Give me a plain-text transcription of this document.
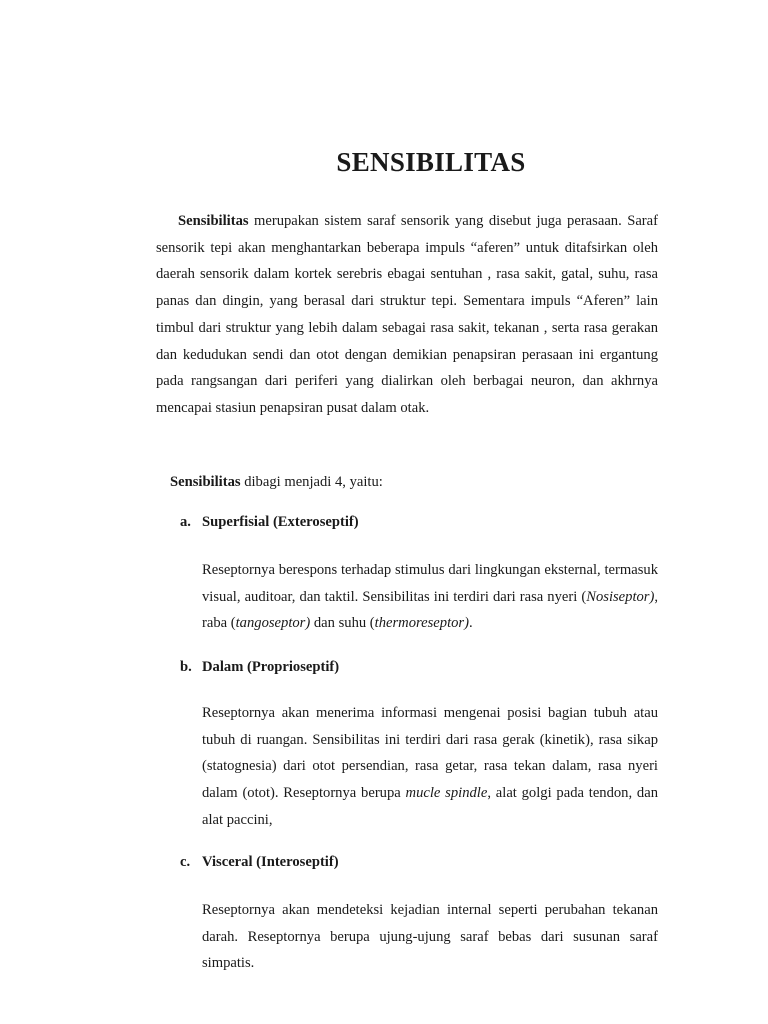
SENSIBILITAS

Sensibilitas merupakan sistem saraf sensorik yang disebut juga perasaan. Saraf sensorik tepi akan menghantarkan beberapa impuls “aferen” untuk ditafsirkan oleh daerah sensorik dalam kortek serebris ebagai sentuhan , rasa sakit, gatal, suhu, rasa panas dan dingin, yang berasal dari struktur tepi. Sementara impuls “Aferen” lain timbul dari struktur yang lebih dalam sebagai rasa sakit, tekanan , serta rasa gerakan dan kedudukan sendi dan otot dengan demikian penapsiran perasaan ini ergantung pada rangsangan dari periferi yang dialirkan oleh berbagai neuron, dan akhrnya mencapai stasiun penapsiran pusat dalam otak.

Sensibilitas dibagi menjadi 4, yaitu:

a. Superfisial (Exteroseptif)

Reseptornya berespons terhadap stimulus dari lingkungan eksternal, termasuk visual, auditoar, dan taktil. Sensibilitas ini terdiri dari rasa nyeri (Nosiseptor), raba (tangoseptor) dan suhu (thermoreseptor).

b. Dalam (Proprioseptif)

Reseptornya akan menerima informasi mengenai posisi bagian tubuh atau tubuh di ruangan. Sensibilitas ini terdiri dari rasa gerak (kinetik), rasa sikap (statognesia) dari otot persendian, rasa getar, rasa tekan dalam, rasa nyeri dalam (otot). Reseptornya berupa mucle spindle, alat golgi pada tendon, dan alat paccini,

c. Visceral (Interoseptif)

Reseptornya akan mendeteksi kejadian internal seperti perubahan tekanan darah. Reseptornya berupa ujung-ujung saraf bebas dari susunan saraf simpatis.
